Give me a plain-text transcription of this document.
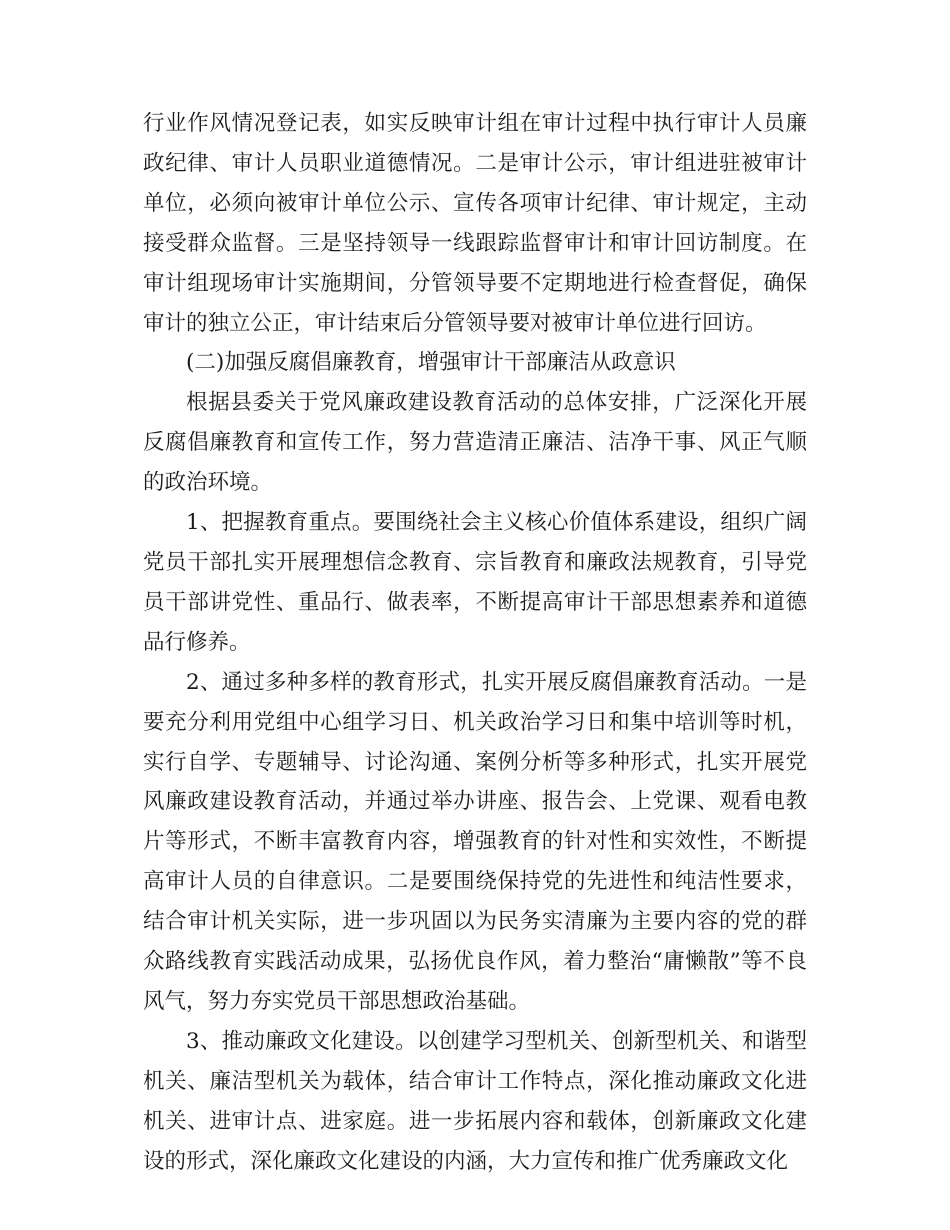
行业作风情况登记表，如实反映审计组在审计过程中执行审计人员廉政纪律、审计人员职业道德情况。二是审计公示，审计组进驻被审计单位，必须向被审计单位公示、宣传各项审计纪律、审计规定，主动接受群众监督。三是坚持领导一线跟踪监督审计和审计回访制度。在审计组现场审计实施期间，分管领导要不定期地进行检查督促，确保审计的独立公正，审计结束后分管领导要对被审计单位进行回访。

(二)加强反腐倡廉教育，增强审计干部廉洁从政意识

根据县委关于党风廉政建设教育活动的总体安排，广泛深化开展反腐倡廉教育和宣传工作，努力营造清正廉洁、洁净干事、风正气顺的政治环境。

1、把握教育重点。要围绕社会主义核心价值体系建设，组织广阔党员干部扎实开展理想信念教育、宗旨教育和廉政法规教育，引导党员干部讲党性、重品行、做表率，不断提高审计干部思想素养和道德品行修养。

2、通过多种多样的教育形式，扎实开展反腐倡廉教育活动。一是要充分利用党组中心组学习日、机关政治学习日和集中培训等时机，实行自学、专题辅导、讨论沟通、案例分析等多种形式，扎实开展党风廉政建设教育活动，并通过举办讲座、报告会、上党课、观看电教片等形式，不断丰富教育内容，增强教育的针对性和实效性，不断提高审计人员的自律意识。二是要围绕保持党的先进性和纯洁性要求，结合审计机关实际，进一步巩固以为民务实清廉为主要内容的党的群众路线教育实践活动成果，弘扬优良作风，着力整治“庸懒散”等不良风气，努力夯实党员干部思想政治基础。

3、推动廉政文化建设。以创建学习型机关、创新型机关、和谐型机关、廉洁型机关为载体，结合审计工作特点，深化推动廉政文化进机关、进审计点、进家庭。进一步拓展内容和载体，创新廉政文化建设的形式，深化廉政文化建设的内涵，大力宣传和推广优秀廉政文化
